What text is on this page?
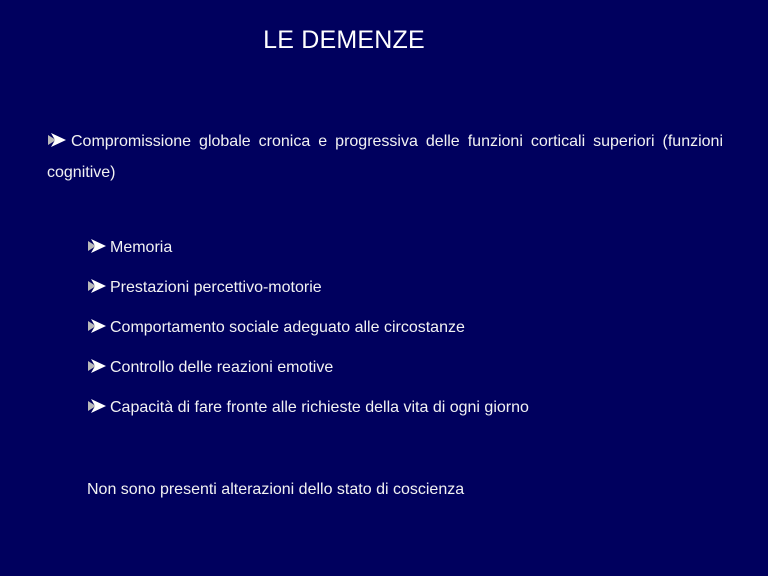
LE DEMENZE
Compromissione globale cronica e progressiva delle funzioni corticali superiori (funzioni cognitive)
Memoria
Prestazioni percettivo-motorie
Comportamento sociale adeguato alle circostanze
Controllo delle reazioni emotive
Capacità di fare fronte alle richieste della vita di ogni giorno
Non sono presenti alterazioni dello stato di coscienza
